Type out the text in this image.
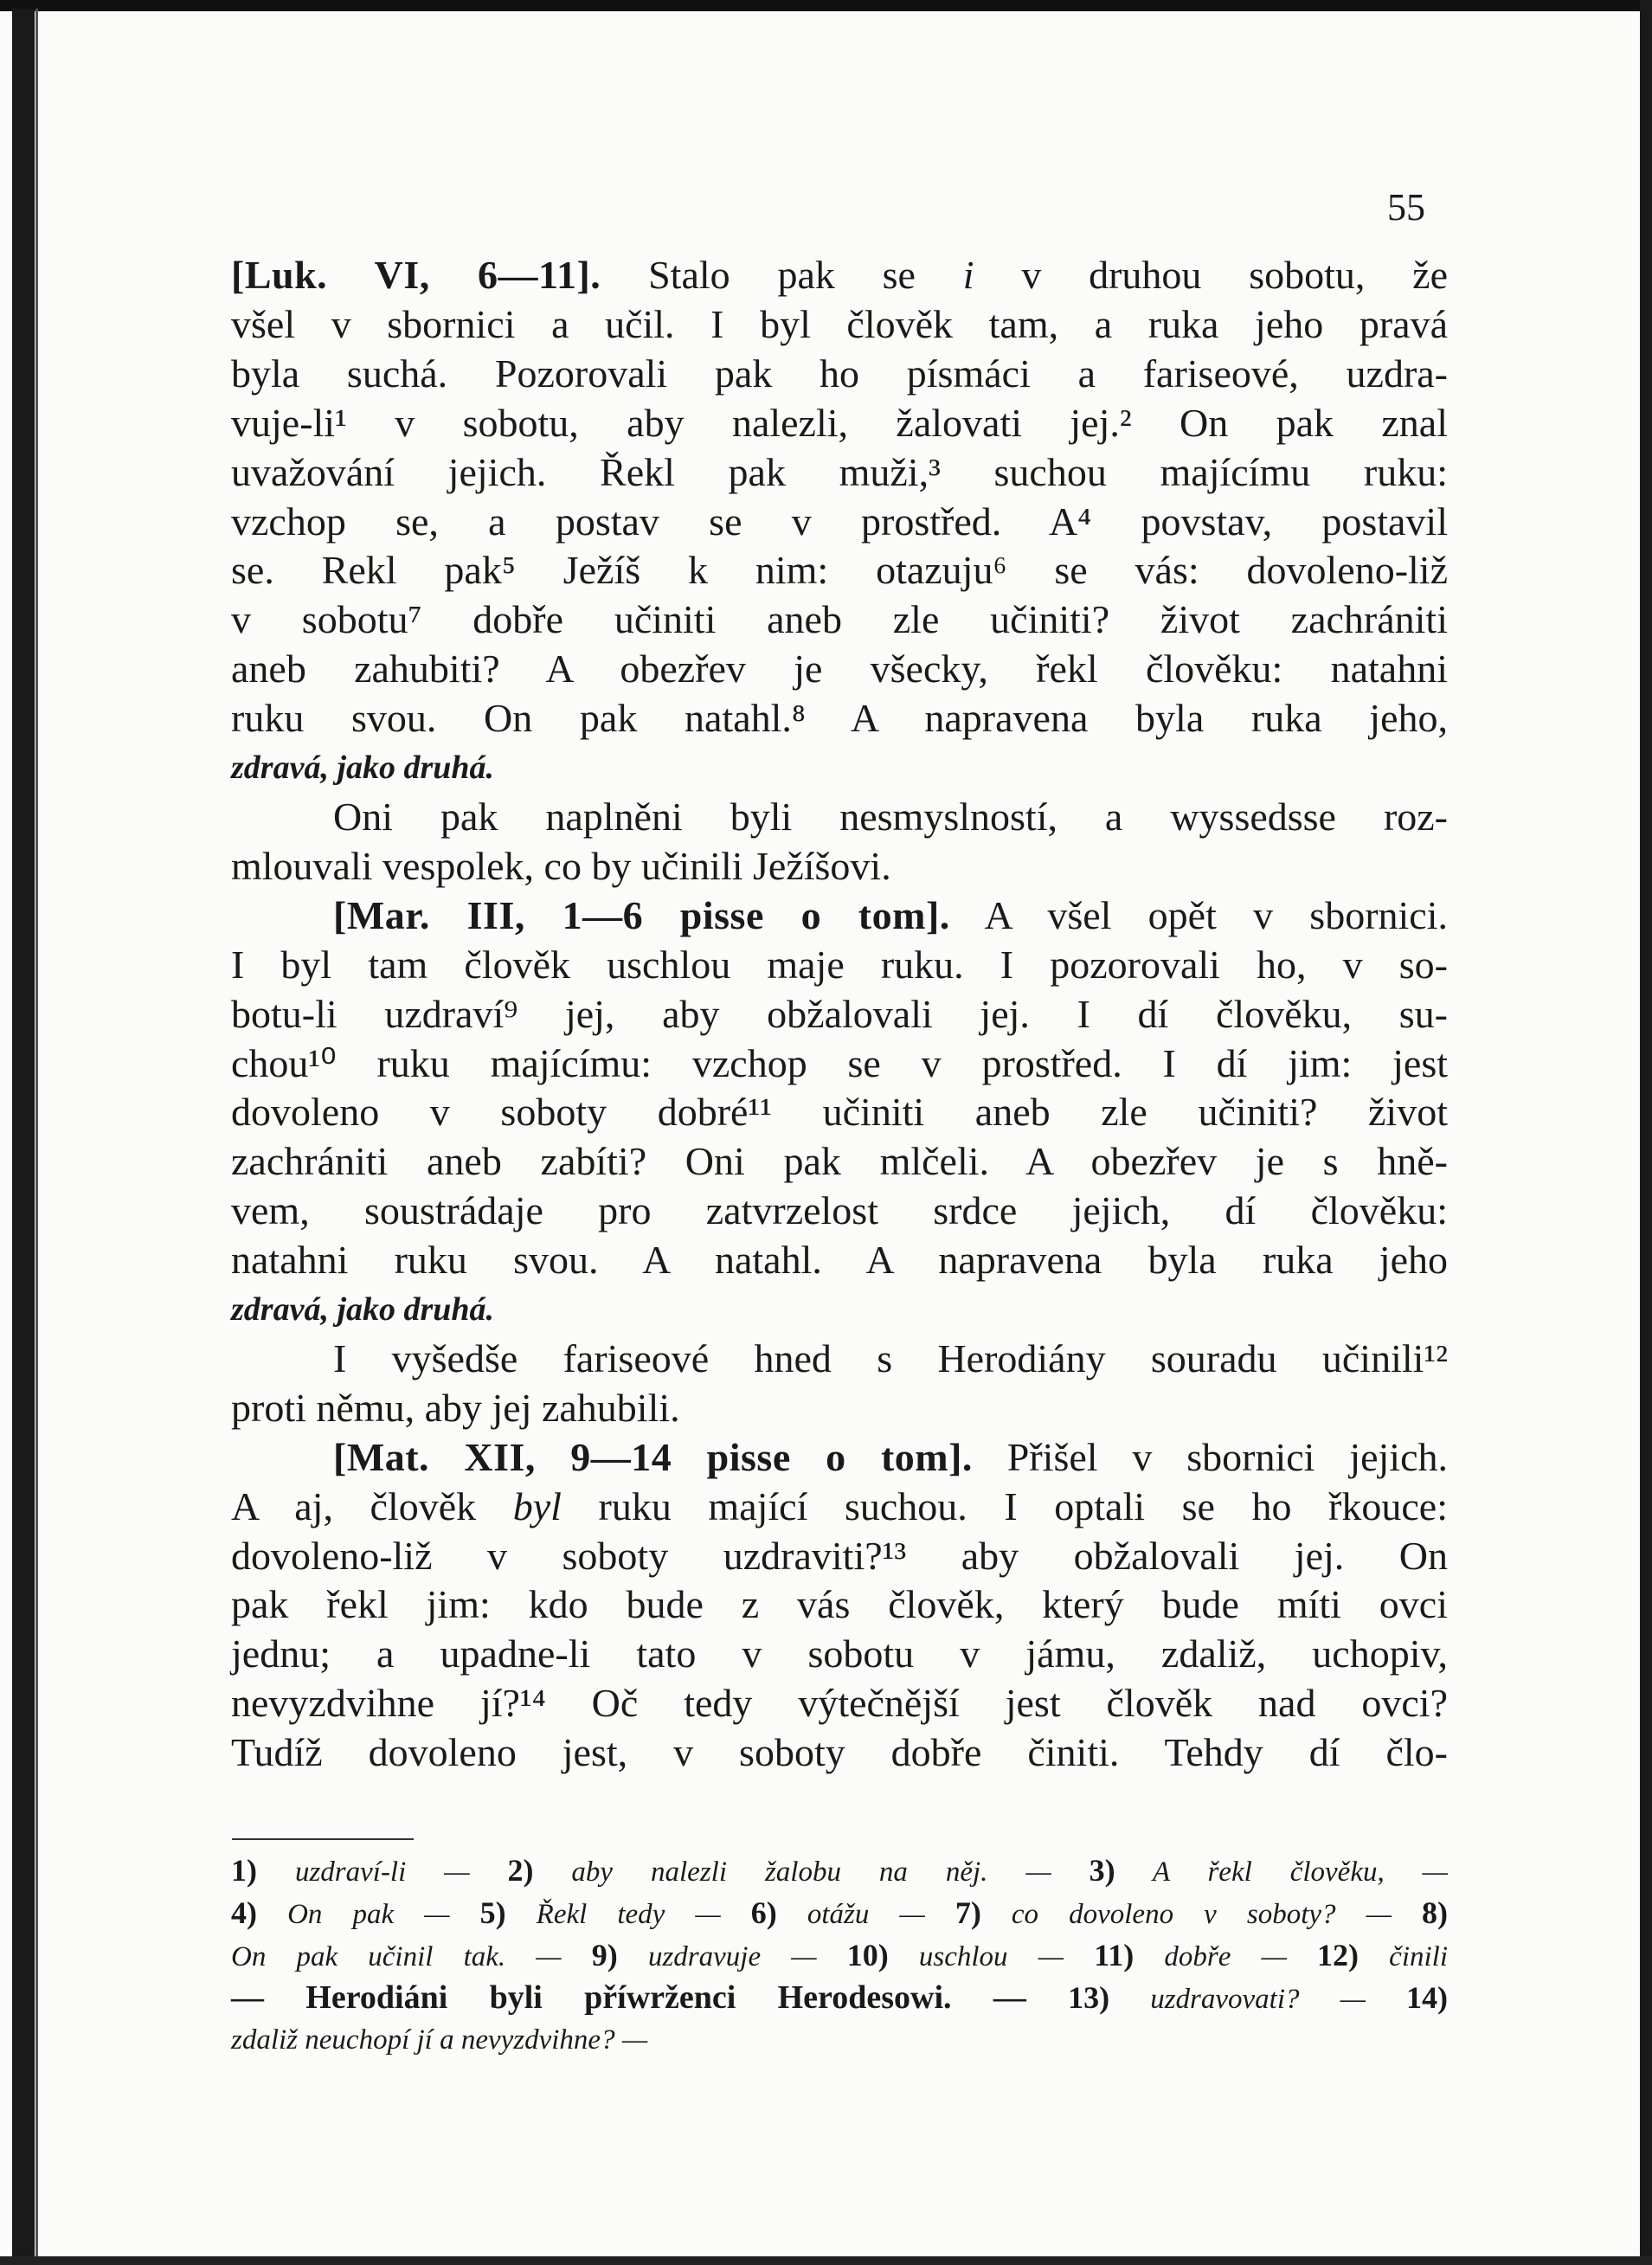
55
[Luk. VI, 6—11]. Stalo pak se i v druhou sobotu, že
všel v sbornici a učil. I byl člověk tam, a ruka jeho pravá
byla suchá. Pozorovali pak ho písmáci a fariseové, uzdra-
vuje-li¹ v sobotu, aby nalezli, žalovati jej.² On pak znal
uvažování jejich. Řekl pak muži,³ suchou majícímu ruku:
vzchop se, a postav se v prostřed. A⁴ povstav, postavil
se. Rekl pak⁵ Ježíš k nim: otazuju⁶ se vás: dovoleno-liž
v sobotu⁷ dobře učiniti aneb zle učiniti? život zachrániti
aneb zahubiti? A obezřev je všecky, řekl člověku: natahni
ruku svou. On pak natahl.⁸ A napravena byla ruka jeho,
zdravá, jako druhá.
Oni pak naplněni byli nesmyslností, a wyssedsse roz-
mlouvali vespolek, co by učinili Ježíšovi.
[Mar. III, 1—6 pisse o tom]. A všel opět v sbornici.
I byl tam člověk uschlou maje ruku. I pozorovali ho, v so-
botu-li uzdraví⁹ jej, aby obžalovali jej. I dí člověku, su-
chou¹⁰ ruku majícímu: vzchop se v prostřed. I dí jim: jest
dovoleno v soboty dobré¹¹ učiniti aneb zle učiniti? život
zachrániti aneb zabíti? Oni pak mlčeli. A obezřev je s hně-
vem, soustrádaje pro zatvrzelost srdce jejich, dí člověku:
natahni ruku svou. A natahl. A napravena byla ruka jeho
zdravá, jako druhá.
I vyšedše fariseové hned s Herodiány souradu učinili¹²
proti němu, aby jej zahubili.
[Mat. XII, 9—14 pisse o tom]. Přišel v sbornici jejich.
A aj, člověk byl ruku mající suchou. I optali se ho řkouce:
dovoleno-liž v soboty uzdraviti?¹³ aby obžalovali jej. On
pak řekl jim: kdo bude z vás člověk, který bude míti ovci
jednu; a upadne-li tato v sobotu v jámu, zdaliž, uchopiv,
nevyzdvihne jí?¹⁴ Oč tedy výtečnější jest člověk nad ovci?
Tudíž dovoleno jest, v soboty dobře činiti. Tehdy dí člo-
1) uzdraví-li — 2) aby nalezli žalobu na něj. — 3) A řekl člověku, —
4) On pak — 5) Řekl tedy — 6) otážu — 7) co dovoleno v soboty? — 8)
On pak učinil tak. — 9) uzdravuje — 10) uschlou — 11) dobře — 12) činili
— Herodiáni byli příwrženci Herodesowi. — 13) uzdravovati? — 14)
zdaliž neuchopí jí a nevyzdvihne? —
